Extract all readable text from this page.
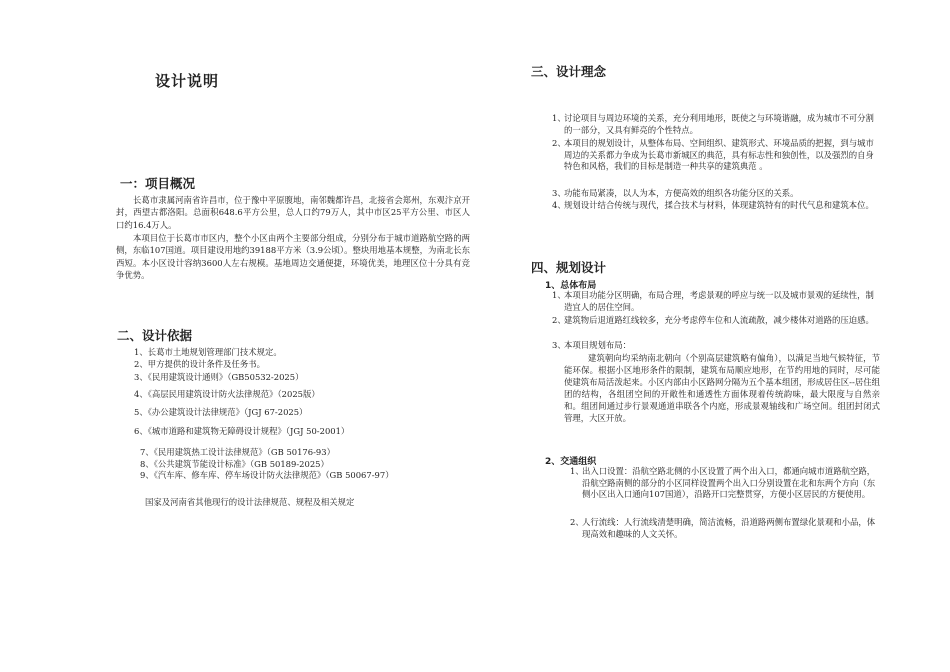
设计说明
一：项目概况
长葛市隶属河南省许昌市，位于豫中平原腹地，南邻魏都许昌，北接省会郑州，东观汴京开封，西望古都洛阳。总面积648.6平方公里，总人口约79万人，其中市区25平方公里、市区人口约16.4万人。
本项目位于长葛市市区内，整个小区由两个主要部分组成，分别分布于城市道路航空路的两侧，东临107国道。项目建设用地约39188平方米（3.9公顷）。整块用地基本规整，为南北长东西短。本小区设计容纳3600人左右规模。基地周边交通便捷，环境优美，地理区位十分具有竞争优势。
二、设计依据
1、长葛市土地规划管理部门技术规定。
2、甲方提供的设计条件及任务书。
3、《民用建筑设计通则》（GB50532-2025）
4、《高层民用建筑设计防火法律规范》（2025版）
5、《办公建筑设计法律规范》（JGJ 67-2025）
6、《城市道路和建筑物无障碍设计规程》（JGJ 50-2001）
7、《民用建筑热工设计法律规范》（GB 50176-93）
8、《公共建筑节能设计标准》（GB 50189-2025）
9、《汽车库、修车库、停车场设计防火法律规范》（GB 50067-97）
国家及河南省其他现行的设计法律规范、规程及相关规定
三、设计理念
1、
讨论项目与周边环境的关系，充分利用地形，既使之与环境谐融，成为城市不可分割的一部分，又具有鲜亮的个性特点。
2、
本项目的规划设计，从整体布局、空间组织、建筑形式、环境品质的把握，到与城市周边的关系都力争成为长葛市新城区的典范，具有标志性和独创性，以及强烈的自身特色和风格，我们的目标是制造一种共享的建筑典范 。
3、
功能布局紧凑，以人为本，方便高效的组织各功能分区的关系。
4、
规划设计结合传统与现代，揉合技术与材料，体现建筑特有的时代气息和建筑本位。
四、规划设计
1、总体布局
1、
本项目功能分区明确，布局合理，考虑景观的呼应与统一以及城市景观的延续性，制造宜人的居住空间。
2、
建筑物后退道路红线较多，充分考虑停车位和人流疏散，减少楼体对道路的压迫感。
3、
本项目规划布局：
建筑朝向均采纳南北朝向（个别高层建筑略有偏角），以满足当地气候特征，节能环保。根据小区地形条件的限制，建筑布局顺应地形，在节约用地的同时，尽可能使建筑布局活泼起来。小区内部由小区路网分隔为五个基本组团，形成居住区--居住组团的结构，各组团空间的开敞性和通透性方面体现着传统韵味，最大限度与自然亲和。组团间通过步行景观通道串联各个内庭，形成景观轴线和广场空间。组团封闭式管理，大区开放。
2、交通组织
1、
出入口设置：沿航空路北侧的小区设置了两个出入口，都通向城市道路航空路，沿航空路南侧的部分的小区同样设置两个出入口分别设置在北和东两个方向（东侧小区出入口通向107国道），沿路开口完整贯穿，方便小区居民的方便使用。
2、
人行流线：人行流线清楚明确，简洁流畅，沿道路两侧布置绿化景观和小品，体现高效和趣味的人文关怀。
